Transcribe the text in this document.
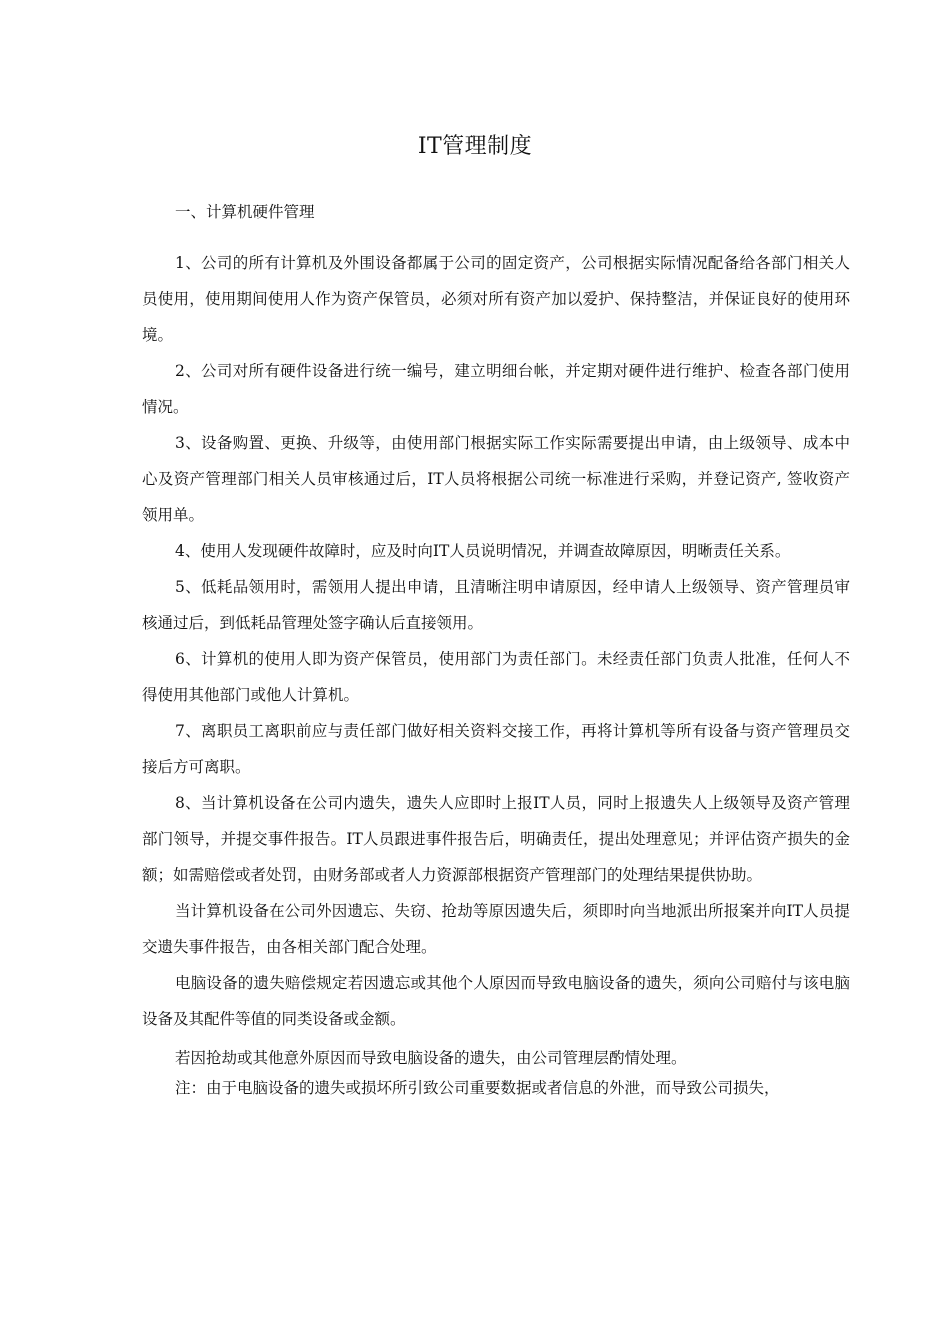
IT管理制度
一、计算机硬件管理

1、公司的所有计算机及外围设备都属于公司的固定资产，公司根据实际情况配备给各部门相关人员使用，使用期间使用人作为资产保管员，必须对所有资产加以爱护、保持整洁，并保证良好的使用环境。

2、公司对所有硬件设备进行统一编号，建立明细台帐，并定期对硬件进行维护、检查各部门使用情况。

3、设备购置、更换、升级等，由使用部门根据实际工作实际需要提出申请，由上级领导、成本中心及资产管理部门相关人员审核通过后，IT人员将根据公司统一标准进行采购，并登记资产, 签收资产领用单。

4、使用人发现硬件故障时，应及时向IT人员说明情况，并调查故障原因，明晰责任关系。

5、低耗品领用时，需领用人提出申请，且清晰注明申请原因，经申请人上级领导、资产管理员审核通过后，到低耗品管理处签字确认后直接领用。

6、计算机的使用人即为资产保管员，使用部门为责任部门。未经责任部门负责人批准，任何人不得使用其他部门或他人计算机。

7、离职员工离职前应与责任部门做好相关资料交接工作，再将计算机等所有设备与资产管理员交接后方可离职。

8、当计算机设备在公司内遗失，遗失人应即时上报IT人员，同时上报遗失人上级领导及资产管理部门领导，并提交事件报告。IT人员跟进事件报告后，明确责任，提出处理意见；并评估资产损失的金额；如需赔偿或者处罚，由财务部或者人力资源部根据资产管理部门的处理结果提供协助。

当计算机设备在公司外因遗忘、失窃、抢劫等原因遗失后，须即时向当地派出所报案并向IT人员提交遗失事件报告，由各相关部门配合处理。

电脑设备的遗失赔偿规定若因遗忘或其他个人原因而导致电脑设备的遗失，须向公司赔付与该电脑设备及其配件等值的同类设备或金额。

若因抢劫或其他意外原因而导致电脑设备的遗失，由公司管理层酌情处理。

注：由于电脑设备的遗失或损坏所引致公司重要数据或者信息的外泄，而导致公司损失，
